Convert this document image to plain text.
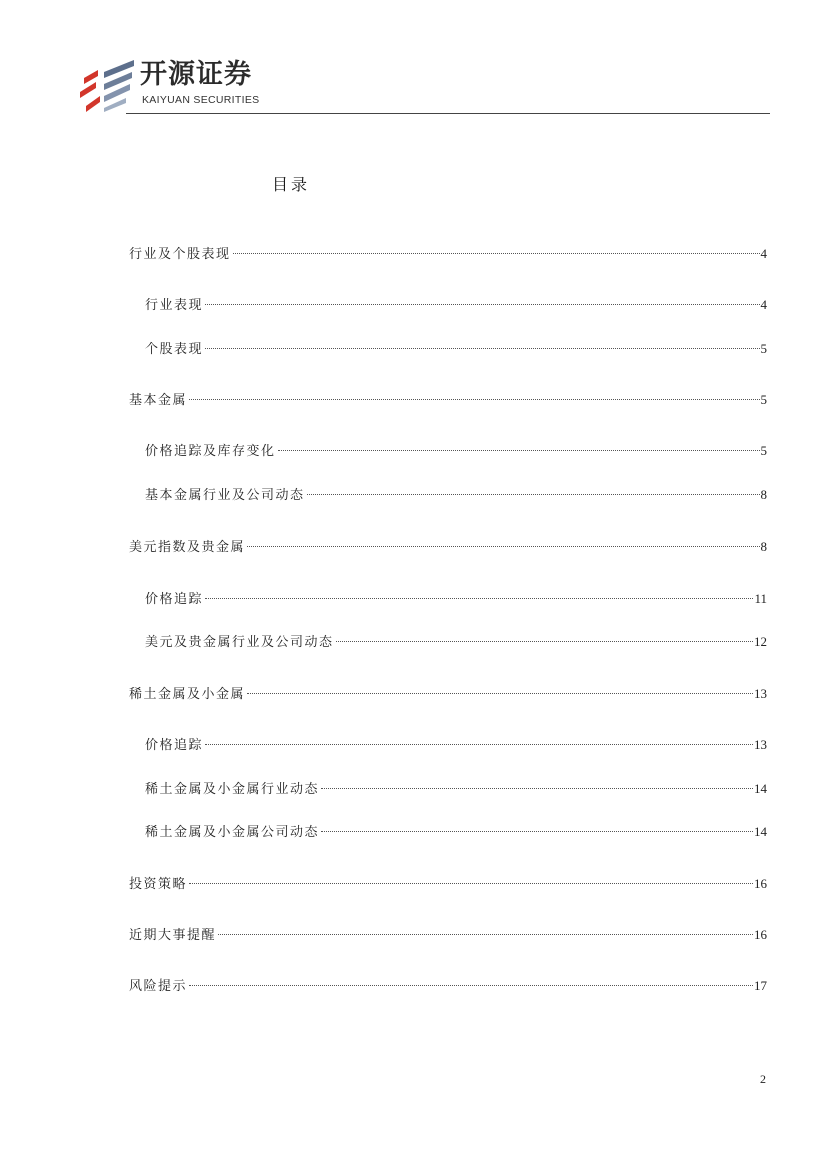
开源证券
KAIYUAN SECURITIES
目录
行业及个股表现	4
行业表现	4
个股表现	5
基本金属	5
价格追踪及库存变化	5
基本金属行业及公司动态	8
美元指数及贵金属	8
价格追踪	11
美元及贵金属行业及公司动态	12
稀土金属及小金属	13
价格追踪	13
稀土金属及小金属行业动态	14
稀土金属及小金属公司动态	14
投资策略	16
近期大事提醒	16
风险提示	17
2
